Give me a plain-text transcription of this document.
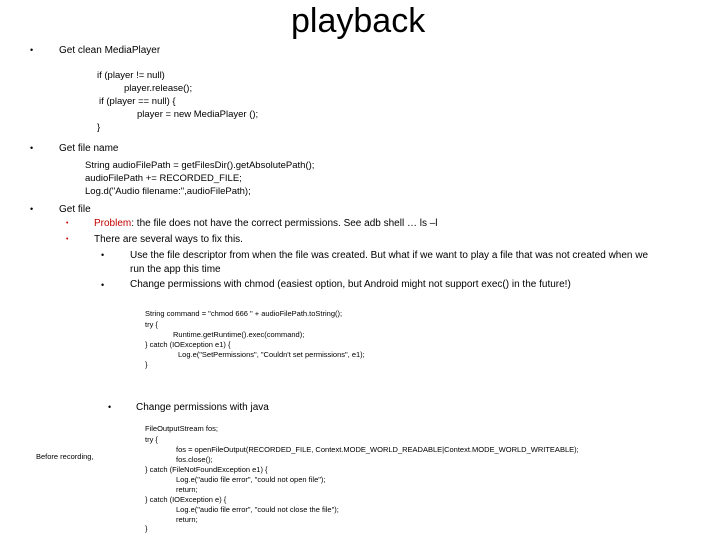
playback
•	Get clean MediaPlayer
if (player != null)
player.release();
if (player == null) {
player = new MediaPlayer ();
}
•	Get file name
String audioFilePath = getFilesDir().getAbsolutePath();
audioFilePath += RECORDED_FILE;
Log.d("Audio filename:",audioFilePath);
•	Get file
•	Problem: the file does not have the correct permissions. See adb shell … ls –l
•	There are several ways to fix this.
•	Use the file descriptor from when the file was created. But what if we want to play a file that was not created when we
run the app this time
•	Change permissions with chmod (easiest option, but Android might not support exec() in the future!)
String command = "chmod 666 " + audioFilePath.toString();
try {
Runtime.getRuntime().exec(command);
} catch (IOException e1) {
Log.e("SetPermissions", "Couldn't set permissions", e1);
}
• Change permissions with java
Before recording,
FileOutputStream fos;
try {
fos = openFileOutput(RECORDED_FILE, Context.MODE_WORLD_READABLE|Context.MODE_WORLD_WRITEABLE);
fos.close();
} catch (FileNotFoundException e1) {
Log.e("audio file error", "could not open file");
return;
} catch (IOException e) {
Log.e("audio file error", "could not close the file");
return;
}
